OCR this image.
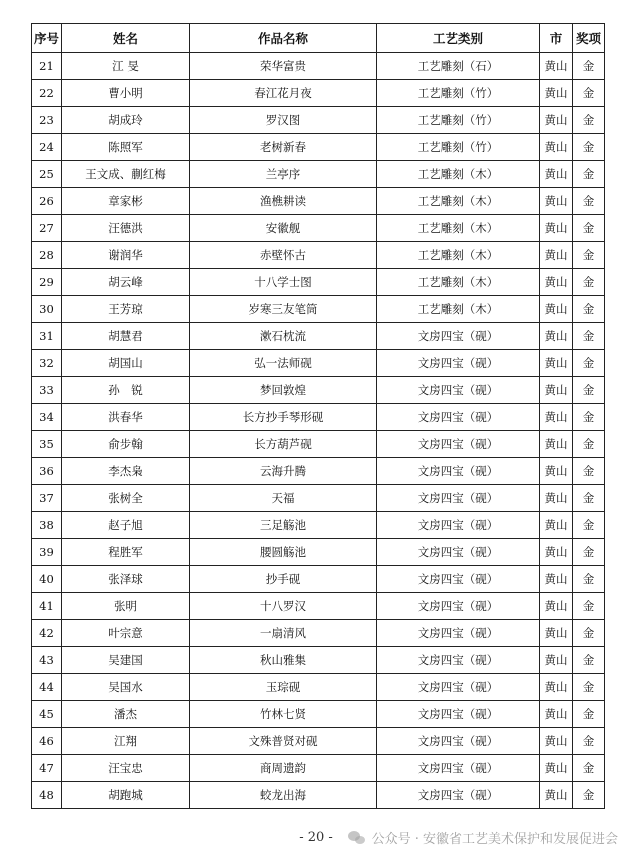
序号	姓名	作品名称	工艺类别	市	奖项
21	江 旻	荣华富贵	工艺雕刻（石）	黄山	金
22	曹小明	春江花月夜	工艺雕刻（竹）	黄山	金
23	胡成玲	罗汉图	工艺雕刻（竹）	黄山	金
24	陈照军	老树新春	工艺雕刻（竹）	黄山	金
25	王文成、蒯红梅	兰亭序	工艺雕刻（木）	黄山	金
26	章家彬	渔樵耕读	工艺雕刻（木）	黄山	金
27	汪德洪	安徽舰	工艺雕刻（木）	黄山	金
28	谢润华	赤壁怀古	工艺雕刻（木）	黄山	金
29	胡云峰	十八学士图	工艺雕刻（木）	黄山	金
30	王芳琼	岁寒三友笔筒	工艺雕刻（木）	黄山	金
31	胡慧君	漱石枕流	文房四宝（砚）	黄山	金
32	胡国山	弘一法师砚	文房四宝（砚）	黄山	金
33	孙　锐	梦回敦煌	文房四宝（砚）	黄山	金
34	洪春华	长方抄手琴形砚	文房四宝（砚）	黄山	金
35	俞步翰	长方葫芦砚	文房四宝（砚）	黄山	金
36	李杰枭	云海升腾	文房四宝（砚）	黄山	金
37	张树全	天福	文房四宝（砚）	黄山	金
38	赵子旭	三足觞池	文房四宝（砚）	黄山	金
39	程胜军	腰圆觞池	文房四宝（砚）	黄山	金
40	张泽球	抄手砚	文房四宝（砚）	黄山	金
41	张明	十八罗汉	文房四宝（砚）	黄山	金
42	叶宗意	一扇清风	文房四宝（砚）	黄山	金
43	吴建国	秋山雅集	文房四宝（砚）	黄山	金
44	吴国水	玉琮砚	文房四宝（砚）	黄山	金
45	潘杰	竹林七贤	文房四宝（砚）	黄山	金
46	江翔	文殊普贤对砚	文房四宝（砚）	黄山	金
47	汪宝忠	商周遗韵	文房四宝（砚）	黄山	金
48	胡跑城	蛟龙出海	文房四宝（砚）	黄山	金
- 20 -	公众号 · 安徽省工艺美术保护和发展促进会
